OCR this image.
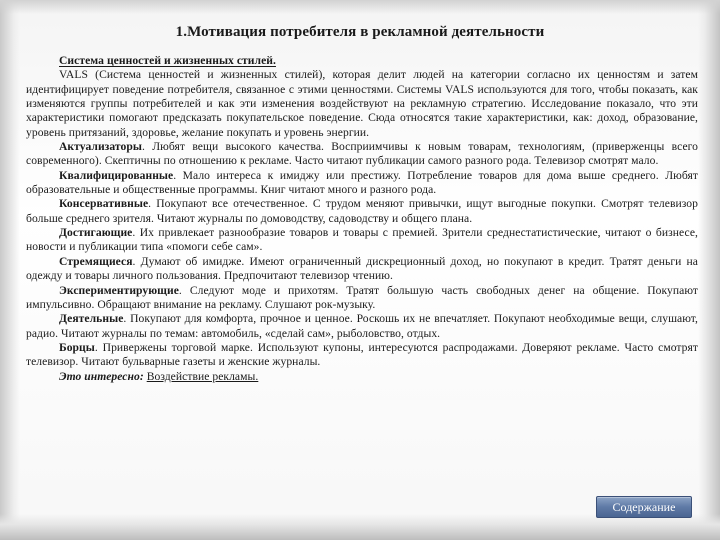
1.Мотивация потребителя в рекламной деятельности

Система ценностей и жизненных стилей.

VALS (Система ценностей и жизненных стилей), которая делит людей на категории согласно их ценностям и затем идентифицирует поведение потребителя, связанное с этими ценностями. Системы VALS используются для того, чтобы показать, как изменяются группы потребителей и как эти изменения воздействуют на рекламную стратегию. Исследование показало, что эти характеристики помогают предсказать покупательское поведение. Сюда относятся такие характеристики, как: доход, образование, уровень притязаний, здоровье, желание покупать и уровень энергии.

Актуализаторы. Любят вещи высокого качества. Восприимчивы к новым товарам, технологиям, (приверженцы всего современного). Скептичны по отношению к рекламе. Часто читают публикации самого разного рода. Телевизор смотрят мало.

Квалифицированные. Мало интереса к имиджу или престижу. Потребление товаров для дома выше среднего. Любят образовательные и общественные программы. Книг читают много и разного рода.

Консервативные. Покупают все отечественное. С трудом меняют привычки, ищут выгодные покупки. Смотрят телевизор больше среднего зрителя. Читают журналы по домоводству, садоводству и общего плана.

Достигающие. Их привлекает разнообразие товаров и товары с премией. Зрители среднестатистические, читают о бизнесе, новости и публикации типа «помоги себе сам».

Стремящиеся. Думают об имидже. Имеют ограниченный дискреционный доход, но покупают в кредит. Тратят деньги на одежду и товары личного пользования. Предпочитают телевизор чтению.

Экспериментирующие. Следуют моде и прихотям. Тратят большую часть свободных денег на общение. Покупают импульсивно. Обращают внимание на рекламу. Слушают рок-музыку.

Деятельные. Покупают для комфорта, прочное и ценное. Роскошь их не впечатляет. Покупают необходимые вещи, слушают, радио. Читают журналы по темам: автомобиль, «сделай сам», рыболовство, отдых.

Борцы. Привержены торговой марке. Используют купоны, интересуются распродажами. Доверяют рекламе. Часто смотрят телевизор. Читают бульварные газеты и женские журналы.

Это интересно: Воздействие рекламы.

Содержание
